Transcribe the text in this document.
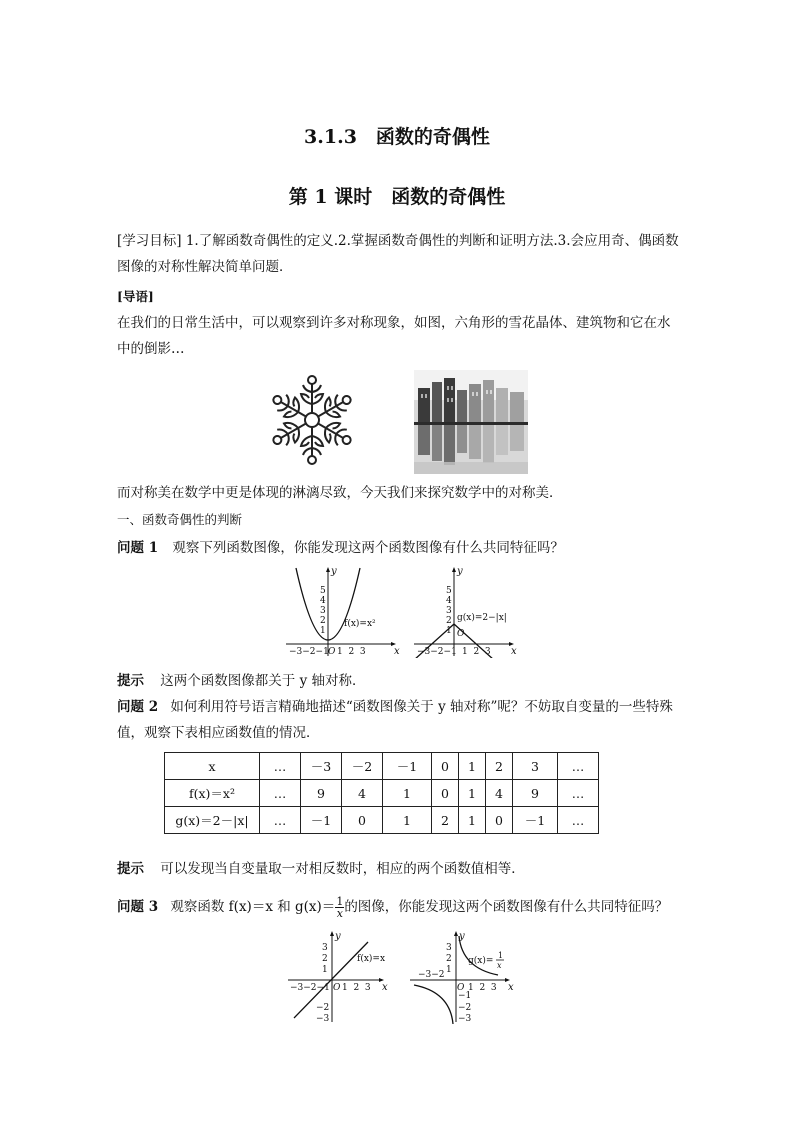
3.1.3　函数的奇偶性
第 1 课时　函数的奇偶性
[学习目标] 1.了解函数奇偶性的定义.2.掌握函数奇偶性的判断和证明方法.3.会应用奇、偶函数图像的对称性解决简单问题．
[导语]
在我们的日常生活中，可以观察到许多对称现象，如图，六角形的雪花晶体、建筑物和它在水中的倒影…
而对称美在数学中更是体现的淋漓尽致，今天我们来探究数学中的对称美．
一、函数奇偶性的判断
问题 1 观察下列函数图像，你能发现这两个函数图像有什么共同特征吗？
y
x
5
4
3
2
1
−3−2−1 O 1  2  3
f(x)=x²
y
x
5
4
3
2
1
−3−2−1
O
1  2  3
g(x)=2−|x|
提示 这两个函数图像都关于 y 轴对称．
问题 2 如何利用符号语言精确地描述“函数图像关于 y 轴对称”呢？不妨取自变量的一些特殊值，观察下表相应函数值的情况．
x	…	－3	－2	－1	0	1	2	3	…
f(x)＝x²	…	9	4	1	0	1	4	9	…
g(x)＝2－|x|	…	－1	0	1	2	1	0	－1	…
提示 可以发现当自变量取一对相反数时，相应的两个函数值相等．
问题 3 观察函数 f(x)＝x 和 $g(x)= \frac{1}{x}$ 的图像，你能发现这两个函数图像有什么共同特征吗？
y
x
3
2
1
−2
−3
−3−2−1 O 1  2  3
f(x)=x
y
x
3
2
1
−1
−2
−3
−3−2
O 1  2  3
g(x)=
1
x
